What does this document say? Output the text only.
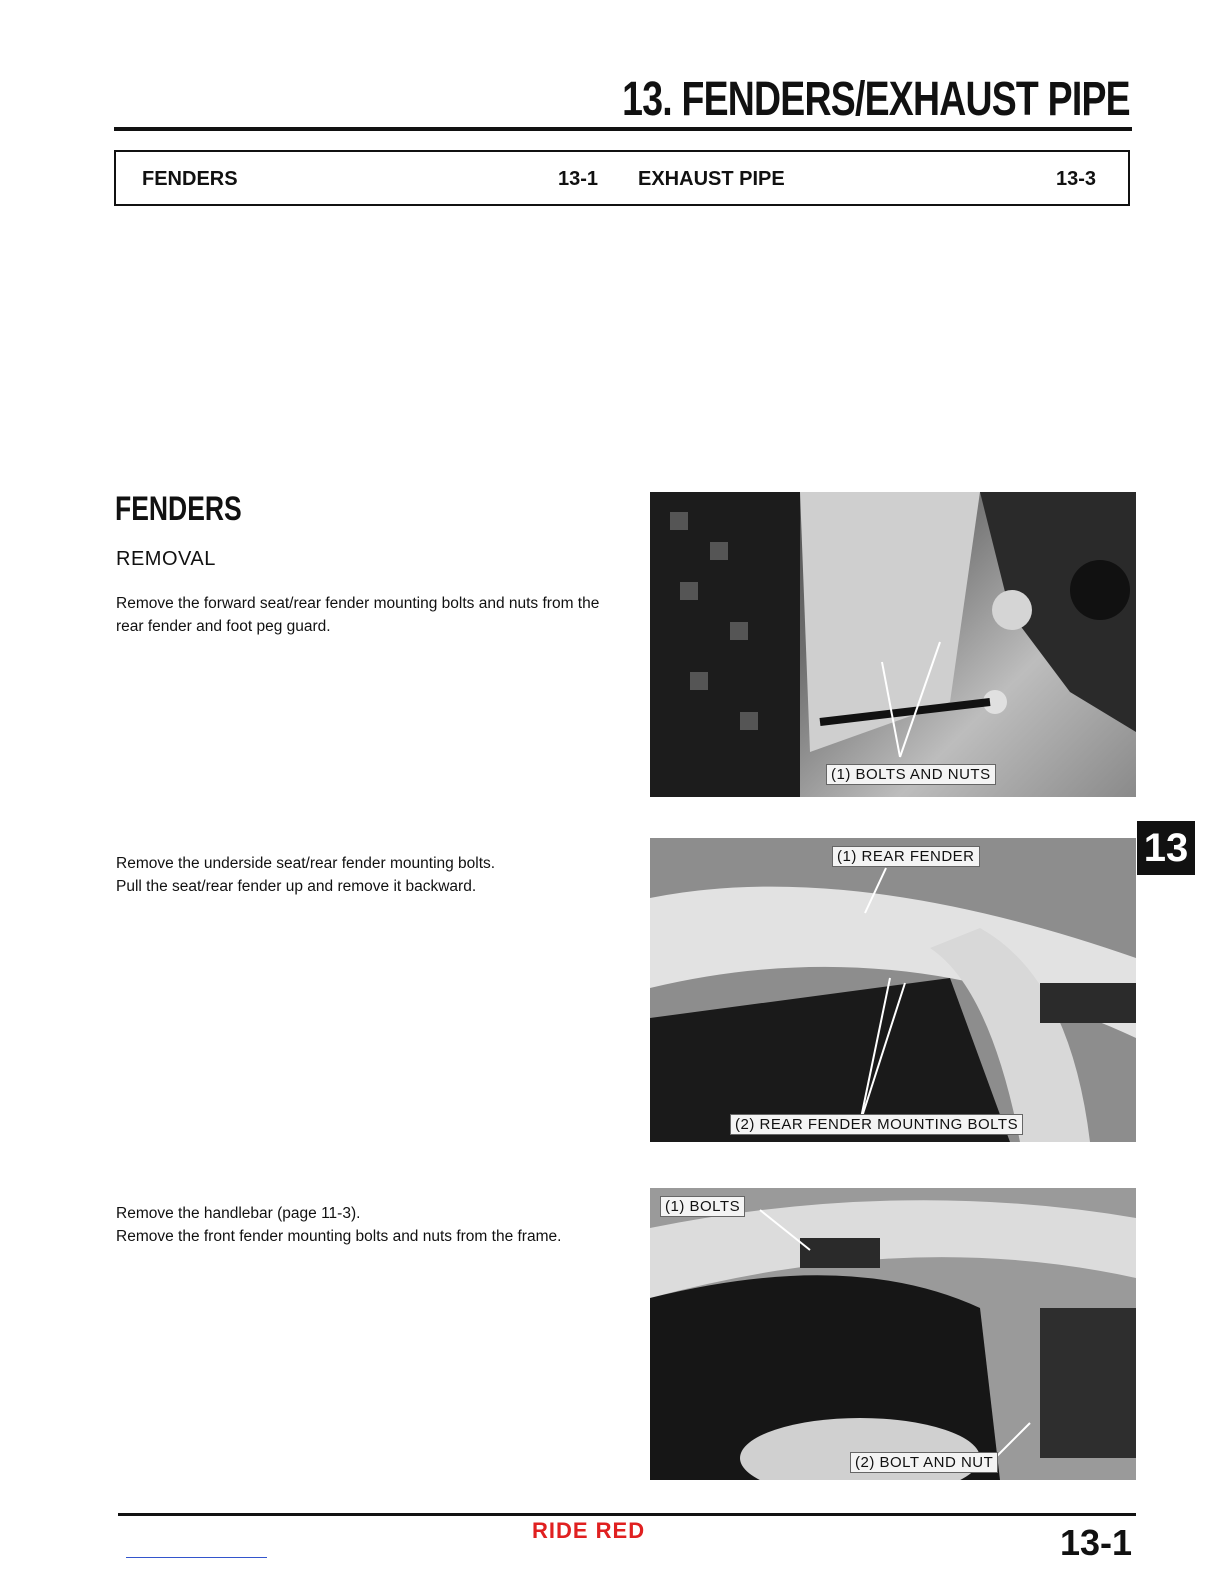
13. FENDERS/EXHAUST PIPE
FENDERS	13-1 EXHAUST PIPE	13-3
FENDERS
REMOVAL

Remove the forward seat/rear fender mounting bolts and nuts from the rear fender and foot peg guard.

(1) BOLTS AND NUTS

Remove the underside seat/rear fender mounting bolts.

Pull the seat/rear fender up and remove it backward.

(1) REAR FENDER
(2) REAR FENDER MOUNTING BOLTS

Remove the handlebar (page 11-3).

Remove the front fender mounting bolts and nuts from the frame.

(1) BOLTS
(2) BOLT AND NUT
13
RIDE RED	13-1
